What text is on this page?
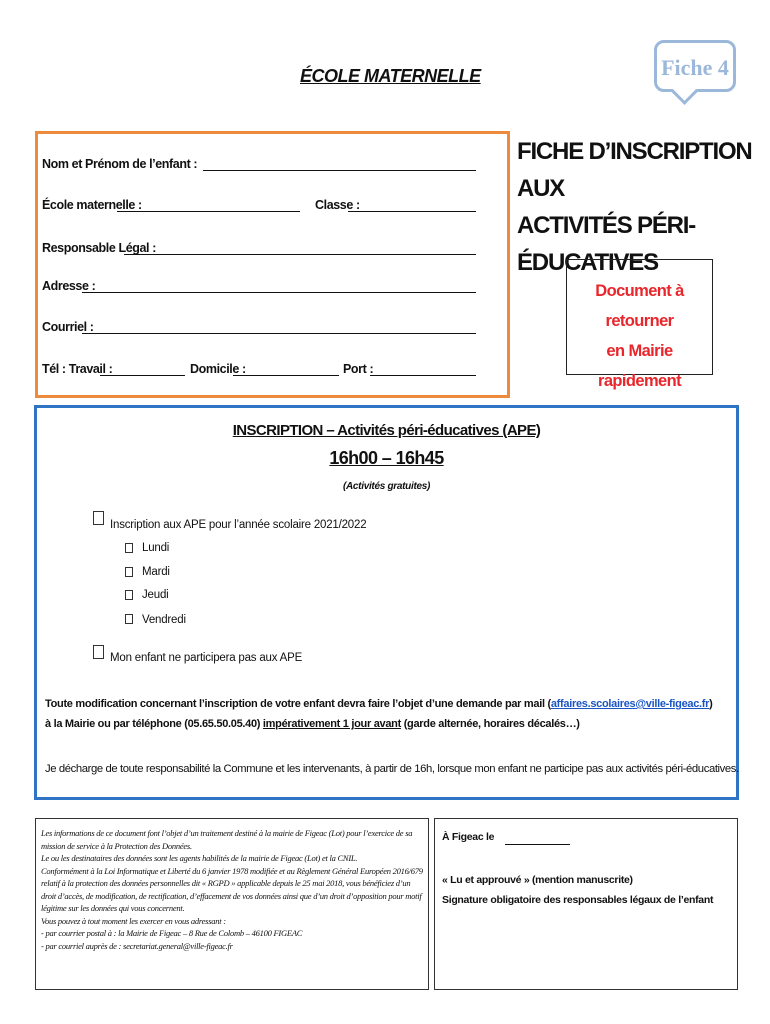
Fiche 4
ÉCOLE MATERNELLE
Nom et Prénom de l’enfant :
École maternelle :	Classe :
Responsable Légal :
Adresse :
Courriel :
Tél : Travail :	Domicile :	Port :
FICHE D’INSCRIPTION AUX
ACTIVITÉS PÉRI-ÉDUCATIVES
Document à retourner
en Mairie rapidement
INSCRIPTION – Activités péri-éducatives (APE)
16h00 – 16h45
(Activités gratuites)
Inscription aux APE pour l’année scolaire 2021/2022
Lundi
Mardi
Jeudi
Vendredi
Mon enfant ne participera pas aux APE
Toute modification concernant l’inscription de votre enfant devra faire l’objet d’une demande par mail (affaires.scolaires@ville-figeac.fr) à la Mairie ou par téléphone (05.65.50.05.40) impérativement 1 jour avant (garde alternée, horaires décalés…)
Je décharge de toute responsabilité la Commune et les intervenants, à partir de 16h, lorsque mon enfant ne participe pas aux activités péri-éducatives.

Les informations de ce document font l’objet d’un traitement destiné à la mairie de Figeac (Lot) pour l’exercice de sa mission de service à la Protection des Données.

Le ou les destinataires des données sont les agents habilités de la mairie de Figeac (Lot) et la CNIL.

Conformément à la Loi Informatique et Liberté du 6 janvier 1978 modifiée et au Règlement Général Européen 2016/679 relatif à la protection des données personnelles dit « RGPD » applicable depuis le 25 mai 2018, vous bénéficiez d’un droit d’accès, de modification, de rectification, d’effacement de vos données ainsi que d’un droit d’opposition pour motif légitime sur les données qui vous concernent.

Vous pouvez à tout moment les exercer en vous adressant :

- par courrier postal à : la Mairie de Figeac – 8 Rue de Colomb – 46100 FIGEAC

- par courriel auprès de : secretariat.general@ville-figeac.fr

À Figeac le
« Lu et approuvé » (mention manuscrite)
Signature obligatoire des responsables légaux de l’enfant
